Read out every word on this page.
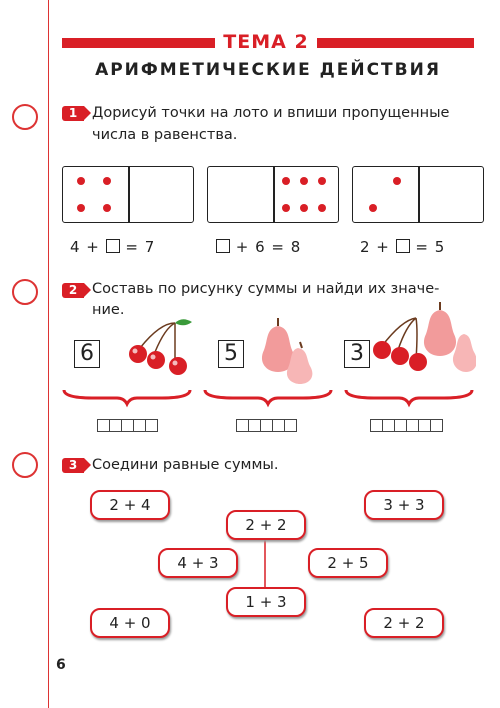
ТЕМА 2
АРИФМЕТИЧЕСКИЕ ДЕЙСТВИЯ
1	Дорисуй точки на лото и впиши пропущенные
числа в равенства.
4 +  = 7	+ 6 = 8	2 +  = 5
2	Составь по рисунку суммы и найди их значе-
ние.
6	5	3
3	Соедини равные суммы.
2 + 4	3 + 3
2 + 2
4 + 3	2 + 5
1 + 3
4 + 0	2 + 2
6
